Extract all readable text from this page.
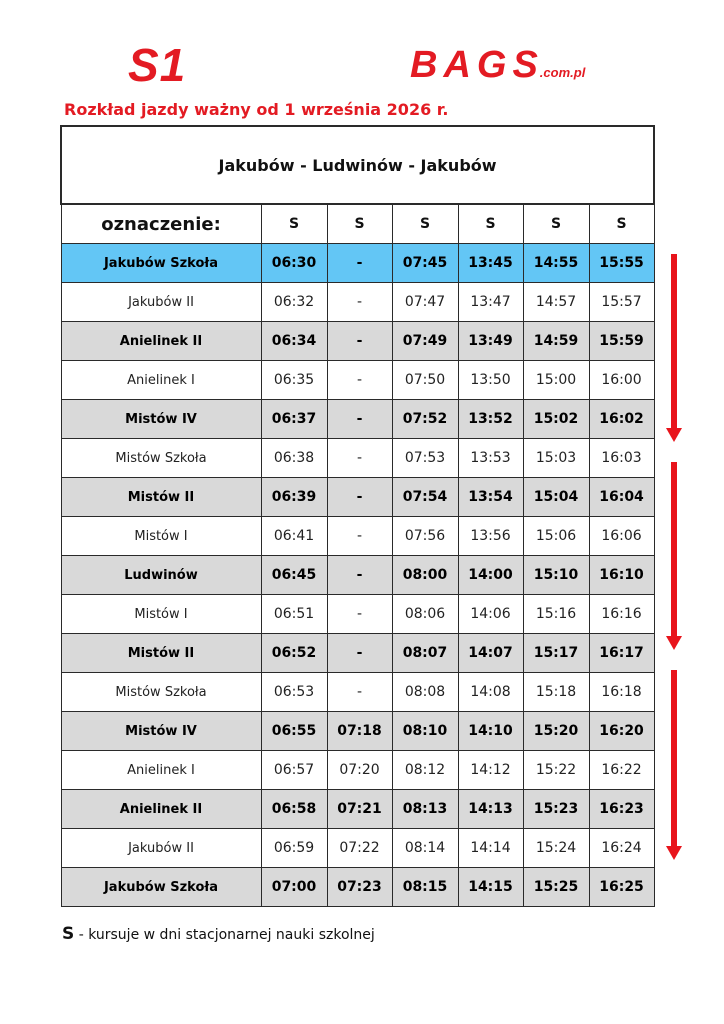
S1	BAGS.com.pl
Rozkład jazdy ważny od 1 września 2026 r.
Jakubów - Ludwinów - Jakubów						
oznaczenie:	S	S	S	S	S	S
Jakubów Szkoła	06:30	-	07:45	13:45	14:55	15:55
Jakubów II	06:32	-	07:47	13:47	14:57	15:57
Anielinek II	06:34	-	07:49	13:49	14:59	15:59
Anielinek I	06:35	-	07:50	13:50	15:00	16:00
Mistów IV	06:37	-	07:52	13:52	15:02	16:02
Mistów Szkoła	06:38	-	07:53	13:53	15:03	16:03
Mistów II	06:39	-	07:54	13:54	15:04	16:04
Mistów I	06:41	-	07:56	13:56	15:06	16:06
Ludwinów	06:45	-	08:00	14:00	15:10	16:10
Mistów I	06:51	-	08:06	14:06	15:16	16:16
Mistów II	06:52	-	08:07	14:07	15:17	16:17
Mistów Szkoła	06:53	-	08:08	14:08	15:18	16:18
Mistów IV	06:55	07:18	08:10	14:10	15:20	16:20
Anielinek I	06:57	07:20	08:12	14:12	15:22	16:22
Anielinek II	06:58	07:21	08:13	14:13	15:23	16:23
Jakubów II	06:59	07:22	08:14	14:14	15:24	16:24
Jakubów Szkoła	07:00	07:23	08:15	14:15	15:25	16:25
S - kursuje w dni stacjonarnej nauki szkolnej
